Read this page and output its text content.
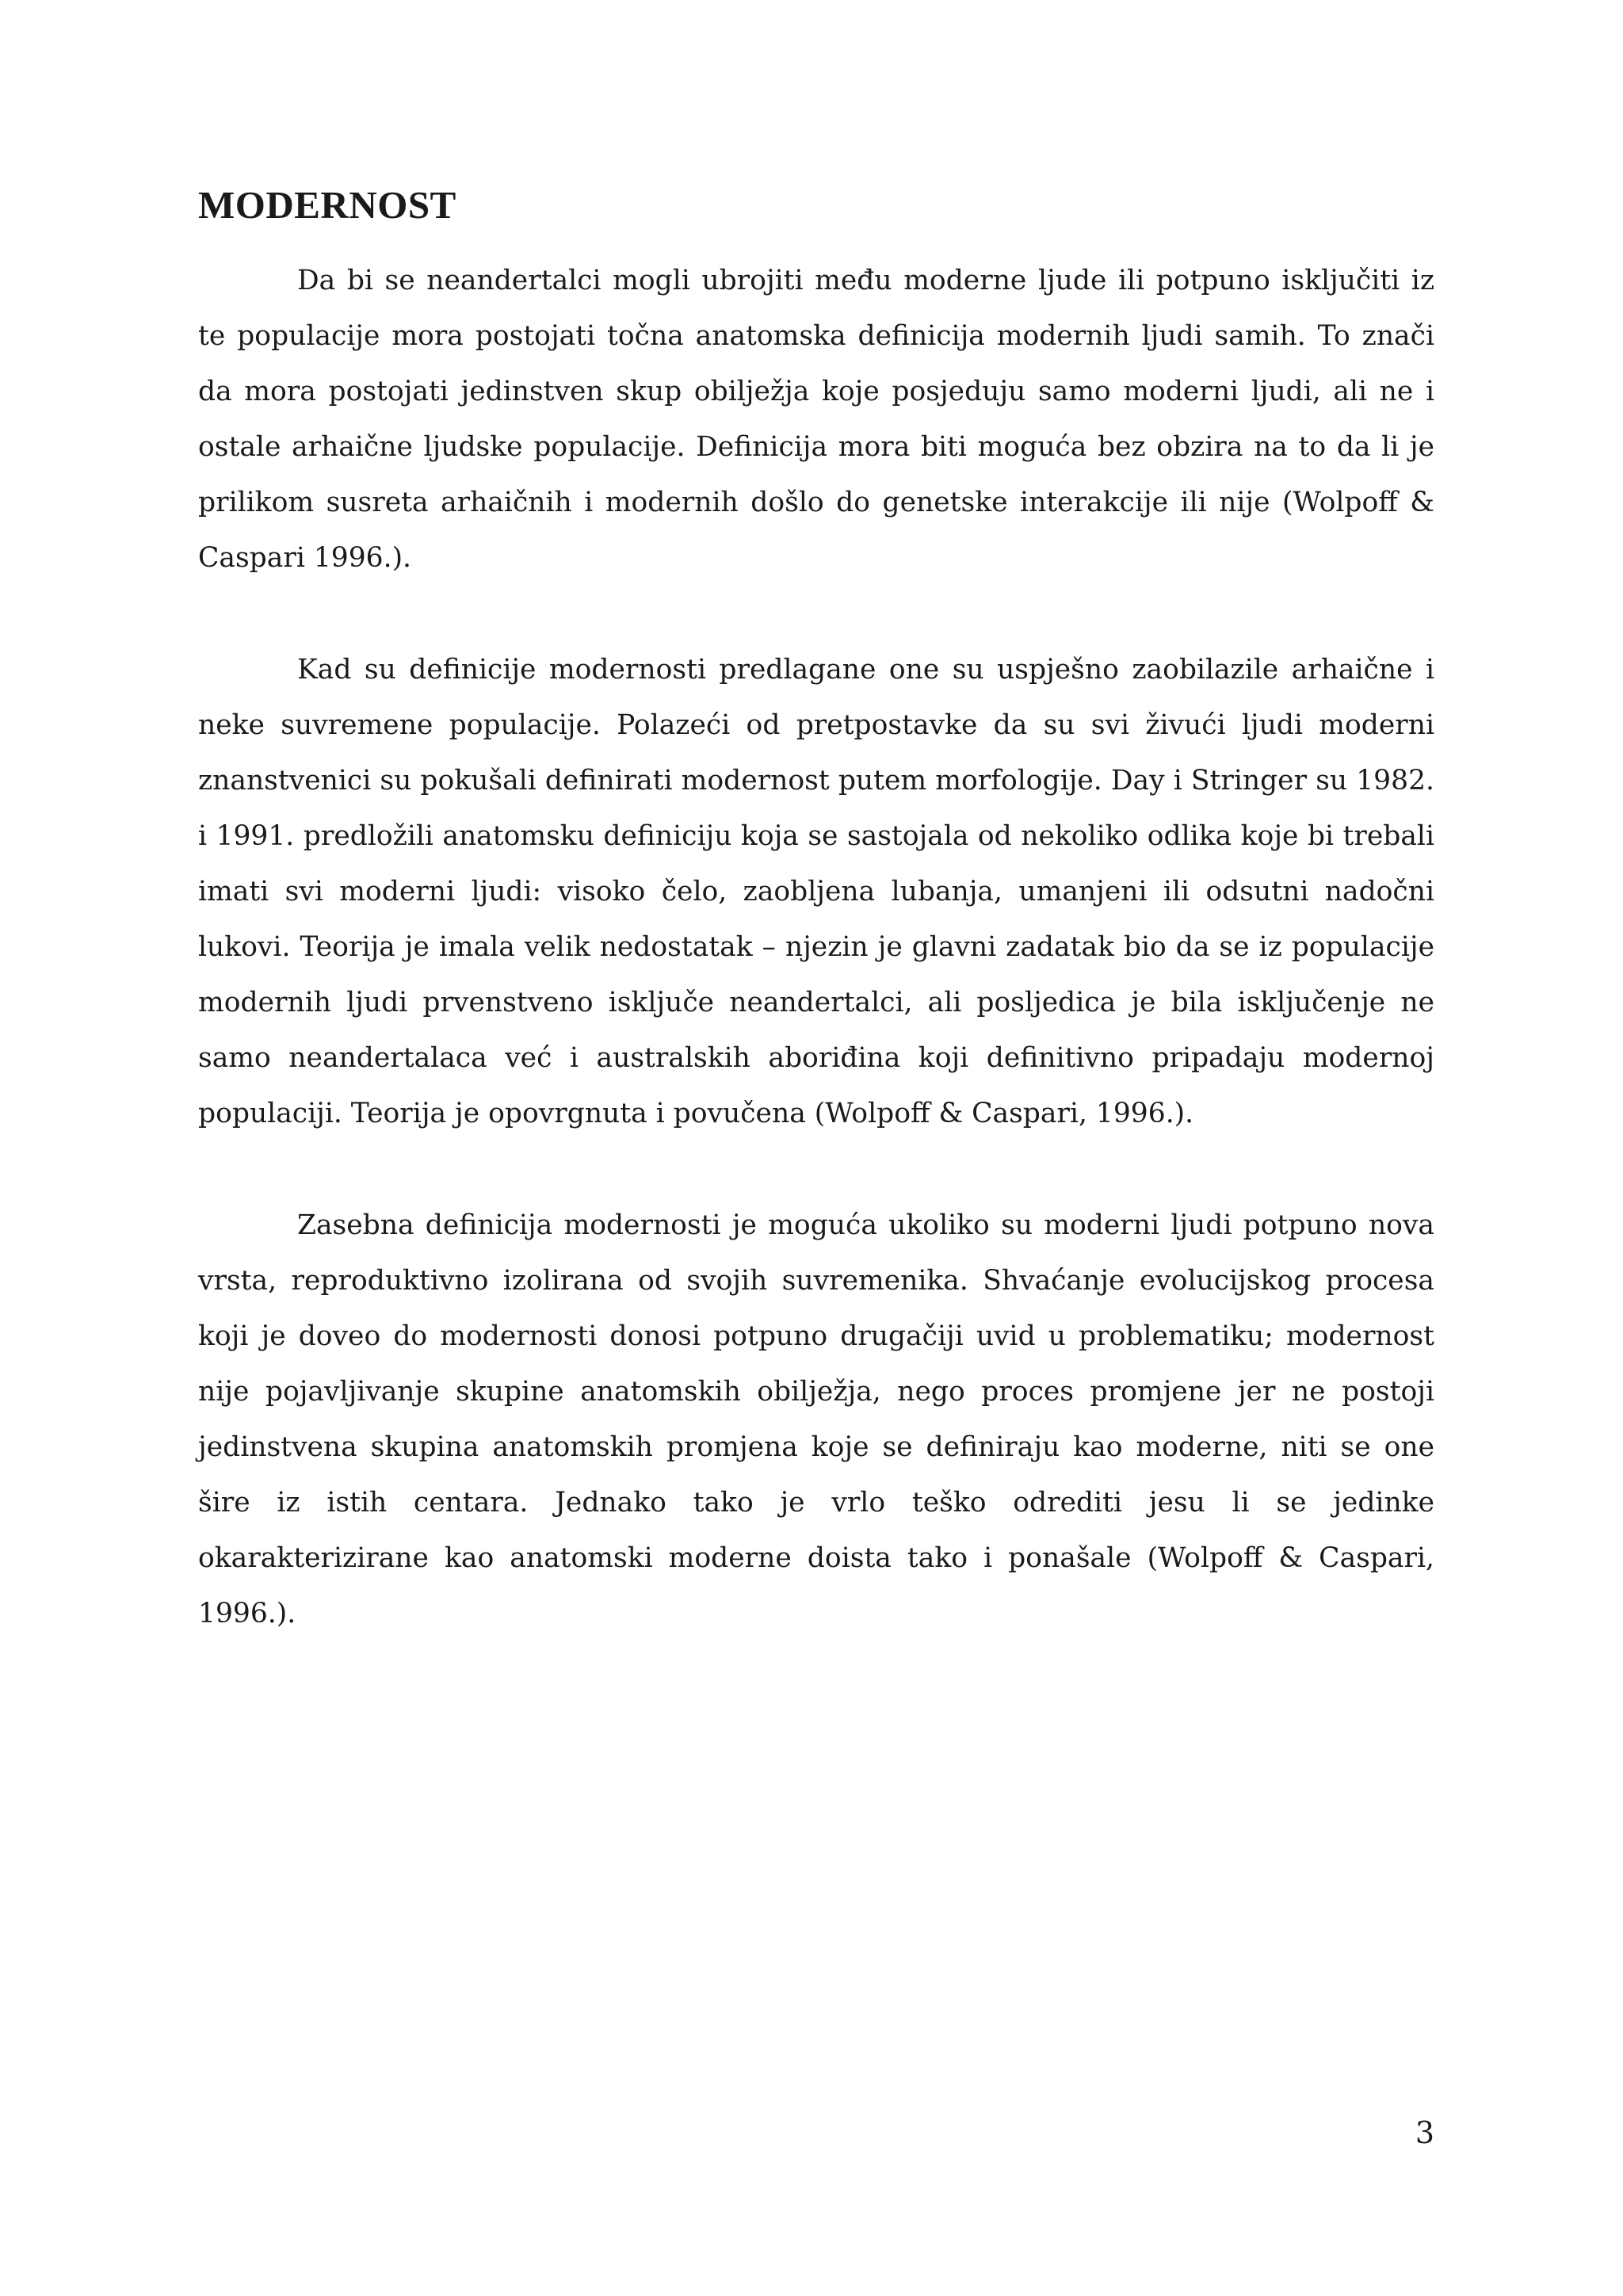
MODERNOST

Da bi se neandertalci mogli ubrojiti među moderne ljude ili potpuno isključiti iz te populacije mora postojati točna anatomska definicija modernih ljudi samih. To znači da mora postojati jedinstven skup obilježja koje posjeduju samo moderni ljudi, ali ne i ostale arhaične ljudske populacije. Definicija mora biti moguća bez obzira na to da li je prilikom susreta arhaičnih i modernih došlo do genetske interakcije ili nije (Wolpoff & Caspari 1996.).

Kad su definicije modernosti predlagane one su uspješno zaobilazile arhaične i neke suvremene populacije. Polazeći od pretpostavke da su svi živući ljudi moderni znanstvenici su pokušali definirati modernost putem morfologije. Day i Stringer su 1982. i 1991. predložili anatomsku definiciju koja se sastojala od nekoliko odlika koje bi trebali imati svi moderni ljudi: visoko čelo, zaobljena lubanja, umanjeni ili odsutni nadočni lukovi. Teorija je imala velik nedostatak – njezin je glavni zadatak bio da se iz populacije modernih ljudi prvenstveno isključe neandertalci, ali posljedica je bila isključenje ne samo neandertalaca već i australskih aboriđina koji definitivno pripadaju modernoj populaciji. Teorija je opovrgnuta i povučena (Wolpoff & Caspari, 1996.).

Zasebna definicija modernosti je moguća ukoliko su moderni ljudi potpuno nova vrsta, reproduktivno izolirana od svojih suvremenika. Shvaćanje evolucijskog procesa koji je doveo do modernosti donosi potpuno drugačiji uvid u problematiku; modernost nije pojavljivanje skupine anatomskih obilježja, nego proces promjene jer ne postoji jedinstvena skupina anatomskih promjena koje se definiraju kao moderne, niti se one šire iz istih centara. Jednako tako je vrlo teško odrediti jesu li se jedinke okarakterizirane kao anatomski moderne doista tako i ponašale (Wolpoff & Caspari, 1996.).

3
